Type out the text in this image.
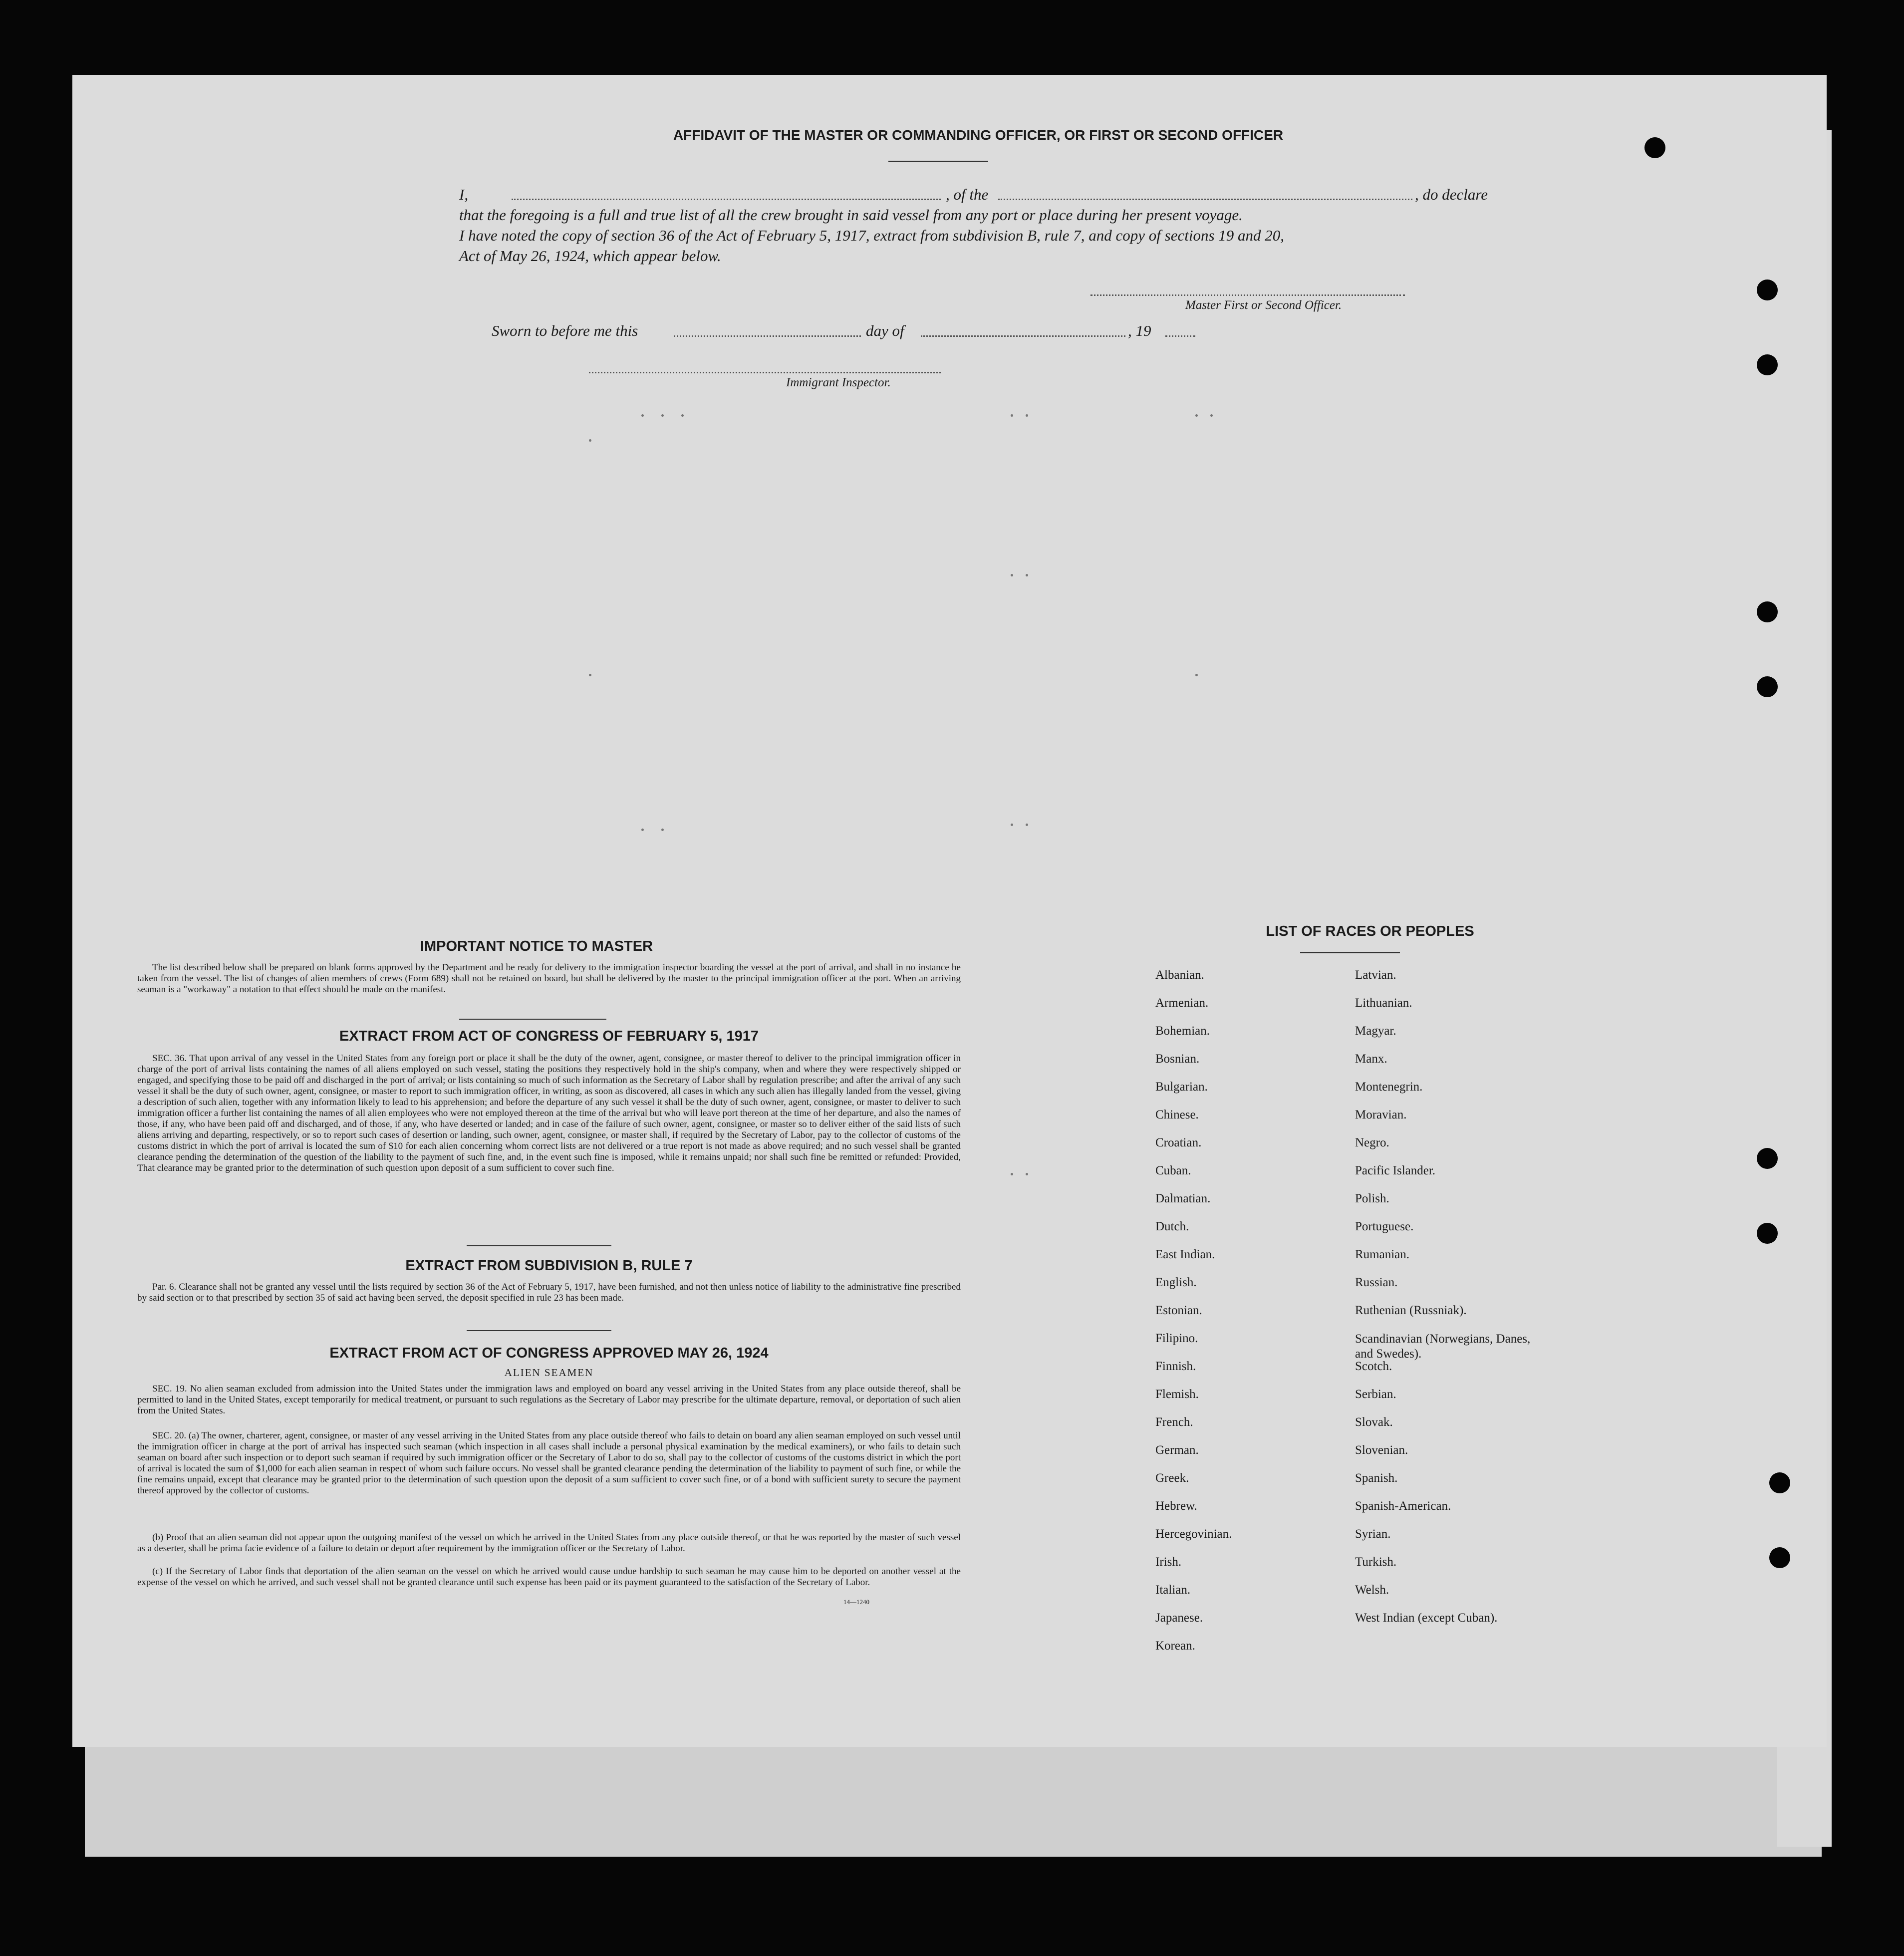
AFFIDAVIT OF THE MASTER OR COMMANDING OFFICER, OR FIRST OR SECOND OFFICER
I,	, of the	, do declare
that the foregoing is a full and true list of all the crew brought in said vessel from any port or place during her present voyage.
I have noted the copy of section 36 of the Act of February 5, 1917, extract from subdivision B, rule 7, and copy of sections 19 and 20,
Act of May 26, 1924, which appear below.
Master First or Second Officer.
Sworn to before me this	day of	, 19
Immigrant Inspector.
IMPORTANT NOTICE TO MASTER
The list described below shall be prepared on blank forms approved by the Department and be ready for delivery to the immigration inspector boarding the vessel at the port of arrival, and shall in no instance be taken from the vessel. The list of changes of alien members of crews (Form 689) shall not be retained on board, but shall be delivered by the master to the principal immigration officer at the port. When an arriving seaman is a "workaway" a notation to that effect should be made on the manifest.
EXTRACT FROM ACT OF CONGRESS OF FEBRUARY 5, 1917
SEC. 36. That upon arrival of any vessel in the United States from any foreign port or place it shall be the duty of the owner, agent, consignee, or master thereof to deliver to the principal immigration officer in charge of the port of arrival lists containing the names of all aliens employed on such vessel, stating the positions they respectively hold in the ship's company, when and where they were respectively shipped or engaged, and specifying those to be paid off and discharged in the port of arrival; or lists containing so much of such information as the Secretary of Labor shall by regulation prescribe; and after the arrival of any such vessel it shall be the duty of such owner, agent, consignee, or master to report to such immigration officer, in writing, as soon as discovered, all cases in which any such alien has illegally landed from the vessel, giving a description of such alien, together with any information likely to lead to his apprehension; and before the departure of any such vessel it shall be the duty of such owner, agent, consignee, or master to deliver to such immigration officer a further list containing the names of all alien employees who were not employed thereon at the time of the arrival but who will leave port thereon at the time of her departure, and also the names of those, if any, who have been paid off and discharged, and of those, if any, who have deserted or landed; and in case of the failure of such owner, agent, consignee, or master so to deliver either of the said lists of such aliens arriving and departing, respectively, or so to report such cases of desertion or landing, such owner, agent, consignee, or master shall, if required by the Secretary of Labor, pay to the collector of customs of the customs district in which the port of arrival is located the sum of $10 for each alien concerning whom correct lists are not delivered or a true report is not made as above required; and no such vessel shall be granted clearance pending the determination of the question of the liability to the payment of such fine, and, in the event such fine is imposed, while it remains unpaid; nor shall such fine be remitted or refunded: Provided, That clearance may be granted prior to the determination of such question upon deposit of a sum sufficient to cover such fine.
EXTRACT FROM SUBDIVISION B, RULE 7
Par. 6. Clearance shall not be granted any vessel until the lists required by section 36 of the Act of February 5, 1917, have been furnished, and not then unless notice of liability to the administrative fine prescribed by said section or to that prescribed by section 35 of said act having been served, the deposit specified in rule 23 has been made.
EXTRACT FROM ACT OF CONGRESS APPROVED MAY 26, 1924
ALIEN SEAMEN
SEC. 19. No alien seaman excluded from admission into the United States under the immigration laws and employed on board any vessel arriving in the United States from any place outside thereof, shall be permitted to land in the United States, except temporarily for medical treatment, or pursuant to such regulations as the Secretary of Labor may prescribe for the ultimate departure, removal, or deportation of such alien from the United States.
SEC. 20. (a) The owner, charterer, agent, consignee, or master of any vessel arriving in the United States from any place outside thereof who fails to detain on board any alien seaman employed on such vessel until the immigration officer in charge at the port of arrival has inspected such seaman (which inspection in all cases shall include a personal physical examination by the medical examiners), or who fails to detain such seaman on board after such inspection or to deport such seaman if required by such immigration officer or the Secretary of Labor to do so, shall pay to the collector of customs of the customs district in which the port of arrival is located the sum of $1,000 for each alien seaman in respect of whom such failure occurs. No vessel shall be granted clearance pending the determination of the liability to payment of such fine, or while the fine remains unpaid, except that clearance may be granted prior to the determination of such question upon the deposit of a sum sufficient to cover such fine, or of a bond with sufficient surety to secure the payment thereof approved by the collector of customs.
(b) Proof that an alien seaman did not appear upon the outgoing manifest of the vessel on which he arrived in the United States from any place outside thereof, or that he was reported by the master of such vessel as a deserter, shall be prima facie evidence of a failure to detain or deport after requirement by the immigration officer or the Secretary of Labor.
(c) If the Secretary of Labor finds that deportation of the alien seaman on the vessel on which he arrived would cause undue hardship to such seaman he may cause him to be deported on another vessel at the expense of the vessel on which he arrived, and such vessel shall not be granted clearance until such expense has been paid or its payment guaranteed to the satisfaction of the Secretary of Labor.
14—1240
LIST OF RACES OR PEOPLES
Albanian.
Armenian.
Bohemian.
Bosnian.
Bulgarian.
Chinese.
Croatian.
Cuban.
Dalmatian.
Dutch.
East Indian.
English.
Estonian.
Filipino.
Finnish.
Flemish.
French.
German.
Greek.
Hebrew.
Hercegovinian.
Irish.
Italian.
Japanese.
Korean.
Latvian.
Lithuanian.
Magyar.
Manx.
Montenegrin.
Moravian.
Negro.
Pacific Islander.
Polish.
Portuguese.
Rumanian.
Russian.
Ruthenian (Russniak).
Scandinavian (Norwegians, Danes, and Swedes).
Scotch.
Serbian.
Slovak.
Slovenian.
Spanish.
Spanish-American.
Syrian.
Turkish.
Welsh.
West Indian (except Cuban).
